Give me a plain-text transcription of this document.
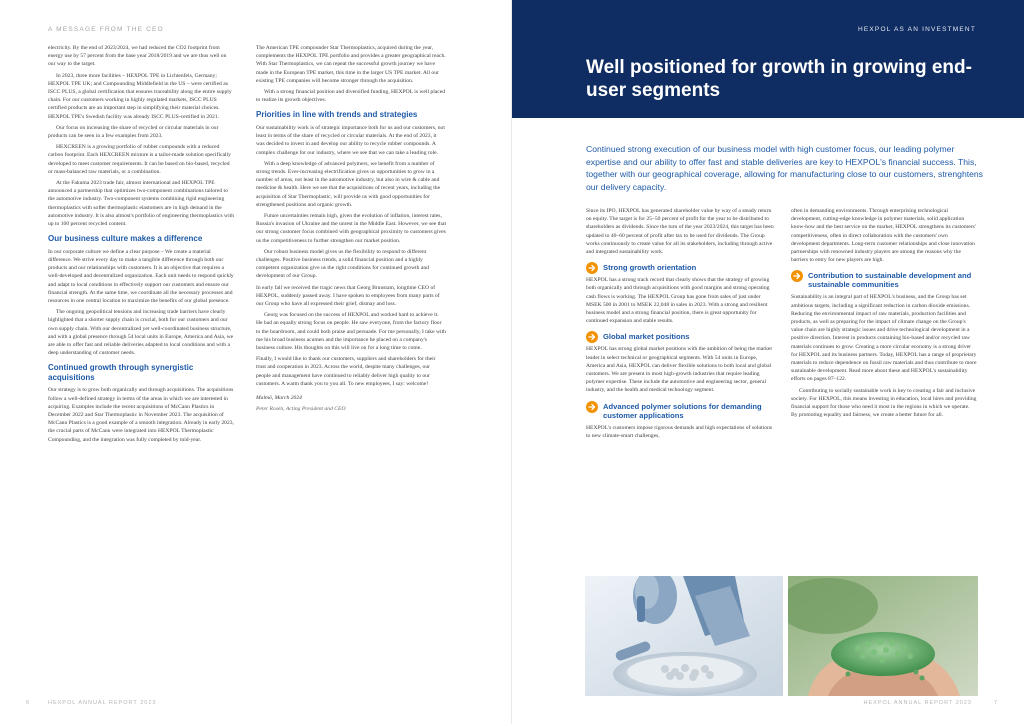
A MESSAGE FROM THE CEO

electricity. By the end of 2023/2024, we had reduced the CO2 footprint from energy use by 57 percent from the base year 2018/2019 and we are thus well on our way to the target.

In 2023, three more facilities – HEXPOL TPE in Lichtenfels, Germany; HEXPOL TPE UK; and Compounding Middlefield in the US – were certified as ISCC PLUS, a global certification that ensures traceability along the entire supply chain. For our customers working in highly regulated markets, ISCC PLUS certified products are an important step in simplifying their material choices. HEXPOL TPE's Swedish facility was already ISCC PLUS-certified in 2021.

Our focus on increasing the share of recycled or circular materials in our products can be seen in a few examples from 2023.

HEXCREEN is a growing portfolio of rubber compounds with a reduced carbon footprint. Each HEXCREEN mixture is a tailor-made solution specifically developed to meet customer requirements. It can be based on bio-based, recycled or mass-balanced raw materials, or a combination.

At the Fakuma 2023 trade fair, almost international and HEXPOL TPE announced a partnership that optimizes two-component combinations tailored to the automotive industry. Two-component systems combining rigid engineering thermoplastics with softer thermoplastic elastomers are in high demand in the automotive industry. It is also almost's portfolio of engineering thermoplastics with up to 100 percent recycled content.

Our business culture makes a difference

In our corporate culture we define a clear purpose – We create a material difference. We strive every day to make a tangible difference through both our products and our relationships with customers. It is an objective that requires a well-developed and decentralized organization. Each unit needs to respond quickly and adapt to local conditions in effectively support our customers and ensure our financial strength. At the same time, we coordinate all the necessary processes and resources in one central location to maximize the benefits of our global presence.

The ongoing geopolitical tensions and increasing trade barriers have clearly highlighted that a shorter supply chain is crucial, both for our customers and our own supply chain. With our decentralized yet well-coordinated business structure, and with a global presence through 54 local units in Europe, America and Asia, we are able to offer fast and reliable deliveries adapted to local conditions and with a deep understanding of customer needs.

Continued growth through synergistic acquisitions

Our strategy is to grow both organically and through acquisitions. The acquisitions follow a well-defined strategy in terms of the areas in which we are interested in acquiring. Examples include the recent acquisitions of McCann Plastics in December 2022 and Star Thermoplastic in November 2023. The acquisition of McCann Plastics is a good example of a smooth integration. Already in early 2023, the crucial parts of McCann were integrated into HEXPOL Thermoplastic Compounding, and the integration was fully completed by mid-year.

The American TPE compounder Star Thermoplastics, acquired during the year, complements the HEXPOL TPE portfolio and provides a greater geographical reach. With Star Thermoplastics, we can repeat the successful growth journey we have made in the European TPE market, this time in the larger US TPE market. All our existing TPE companies will become stronger through the acquisition.

With a strong financial position and diversified funding, HEXPOL is well placed to realize its growth objectives.

Priorities in line with trends and strategies

Our sustainability work is of strategic importance both for us and our customers, not least in terms of the share of recycled or circular materials. At the end of 2023, it was decided to invest in and develop our ability to recycle rubber compounds. A complex challenge for our industry, where we see that we can take a leading role.

With a deep knowledge of advanced polymers, we benefit from a number of strong trends. Ever-increasing electrification gives us opportunities to grow in a number of areas, not least in the automotive industry, but also in wire & cable and medicine & health. Here we see that the acquisitions of recent years, including the acquisition of Star Thermoplastic, will provide us with good opportunities for strengthened positions and organic growth.

Future uncertainties remain high, given the evolution of inflation, interest rates, Russia's invasion of Ukraine and the unrest in the Middle East. However, we see that our strong customer focus combined with geographical proximity to customers gives us the competitiveness to further strengthen our market position.

Our robust business model gives us the flexibility to respond to different challenges. Positive business trends, a solid financial position and a highly competent organization give us the right conditions for continued growth and development of our Group.

In early fall we received the tragic news that Georg Brunstam, longtime CEO of HEXPOL, suddenly passed away. I have spoken to employees from many parts of our Group who have all expressed their grief, dismay and loss.

Georg was focused on the success of HEXPOL and worked hard to achieve it. He had an equally strong focus on people. He saw everyone, from the factory floor to the boardroom, and could both praise and persuade. For me personally, I take with me his broad business acumen and the importance he placed on a company's business culture. His thoughts on this will live on for a long time to come.

Finally, I would like to thank our customers, suppliers and shareholders for their trust and cooperation in 2023. Across the world, despite many challenges, our people and management have continued to reliably deliver high quality to our customers. A warm thank you to you all. To new employees, I say: welcome!

Malmö, March 2024

Peter Rosén, Acting President and CEO

6	HEXPOL ANNUAL REPORT 2023
HEXPOL AS AN INVESTMENT
Well positioned for growth in growing end-user segments

Continued strong execution of our business model with high customer focus, our leading polymer expertise and our ability to offer fast and stable deliveries are key to HEXPOL's financial success. This, together with our geographical coverage, allowing for manufacturing close to our customers, strenghtens our delivery capacity.

Since its IPO, HEXPOL has generated shareholder value by way of a steady return on equity. The target is for 25–50 percent of profit for the year to be distributed to shareholders as dividends. Since the turn of the year 2023/2024, this target has been updated to 40–60 percent of profit after tax to be used for dividends. The Group works continuously to create value for all its stakeholders, including through active and integrated sustainability work.

Strong growth orientation

HEXPOL has a strong track record that clearly shows that the strategy of growing both organically and through acquisitions with good margins and strong operating cash flows is working. The HEXPOL Group has gone from sales of just under MSEK 500 in 2001 to MSEK 22,048 in sales in 2023. With a strong and resilient business model and a strong financial position, there is great opportunity for continued expansion and stable results.

Global market positions

HEXPOL has strong global market positions with the ambition of being the market leader in select technical or geographical segments. With 54 units in Europe, America and Asia, HEXPOL can deliver flexible solutions to both local and global customers. We are present in most high-growth industries that require leading polymer expertise. These include the automotive and engineering sector, general industry, and the health and medical technology segment.

Advanced polymer solutions for demanding customer applications

HEXPOL's customers impose rigorous demands and high expectations of solutions to new climate-smart challenges,

often in demanding environments. Through enterprising technological development, cutting-edge knowledge in polymer materials, solid application know-how and the best service on the market, HEXPOL strengthens its customers' competitiveness, often in direct collaboration with the customers' own development departments. Long-term customer relationships and close innovation partnerships with renowned industry players are among the reasons why the barriers to entry for new players are high.

Contribution to sustainable development and sustainable communities

Sustainability is an integral part of HEXPOL's business, and the Group has set ambitious targets, including a significant reduction in carbon dioxide emissions. Reducing the environmental impact of raw materials, production facilities and products, as well as preparing for the impact of climate change on the Group's value chain are highly strategic issues and drive technological development in a positive direction. Interest in products containing bio-based and/or recycled raw materials continues to grow. Creating a more circular economy is a strong driver for HEXPOL and its business partners. Today, HEXPOL has a range of proprietary materials to reduce dependence on fossil raw materials and thus contribute to more sustainable development. Read more about these and HEXPOL's sustainability efforts on pages 87–122.

Contributing to socially sustainable work is key to creating a fair and inclusive society. For HEXPOL, this means investing in education, local hires and providing financial support for those who need it most in the regions in which we operate. By promoting equality and fairness, we create a better future for all.

HEXPOL ANNUAL REPORT 2023	7
